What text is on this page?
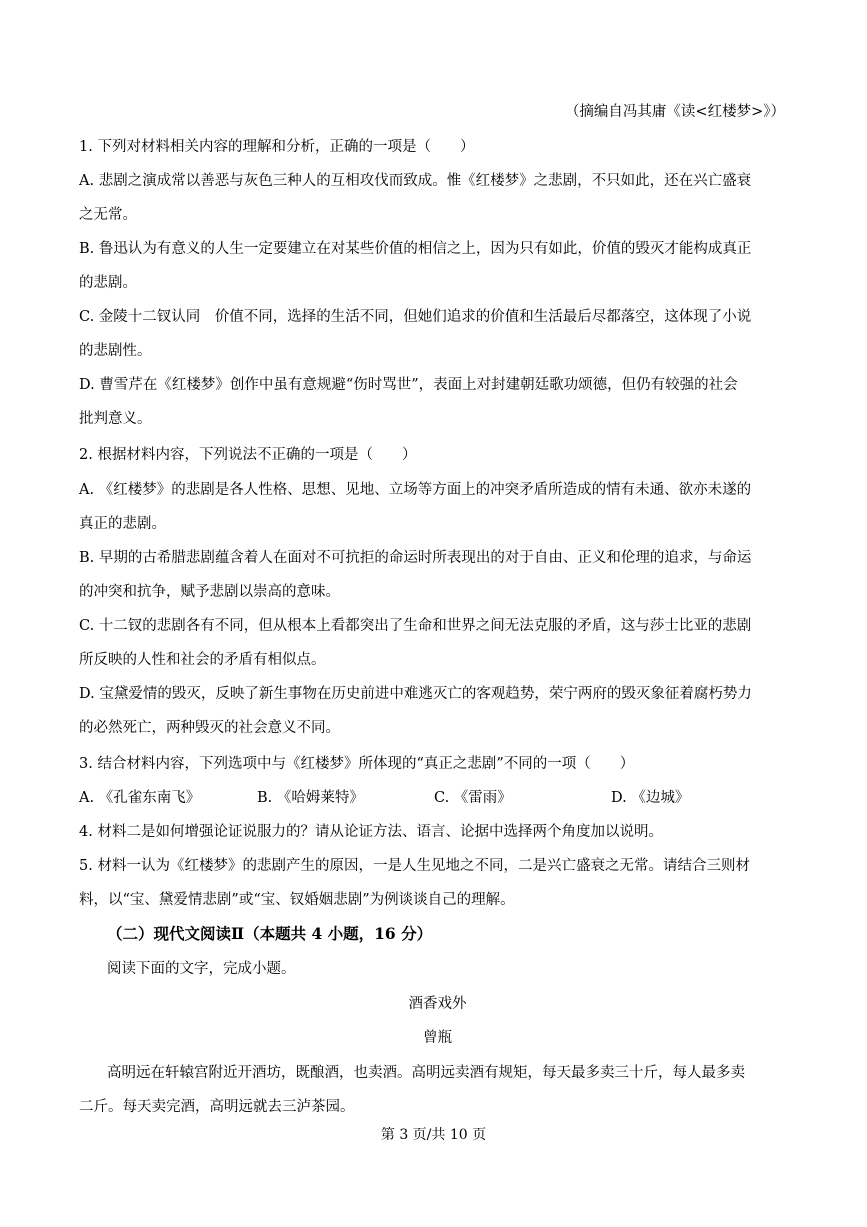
（摘编自冯其庸《读<红楼梦>》）
1. 下列对材料相关内容的理解和分析，正确的一项是（　　）
A. 悲剧之演成常以善恶与灰色三种人的互相攻伐而致成。惟《红楼梦》之悲剧，不只如此，还在兴亡盛衰
之无常。
B. 鲁迅认为有意义的人生一定要建立在对某些价值的相信之上，因为只有如此，价值的毁灭才能构成真正
的悲剧。
C. 金陵十二钗认同　价值不同，选择的生活不同，但她们追求的价值和生活最后尽都落空，这体现了小说
的悲剧性。
D. 曹雪芹在《红楼梦》创作中虽有意规避“伤时骂世”，表面上对封建朝廷歌功颂德，但仍有较强的社会
批判意义。
2. 根据材料内容，下列说法不正确的一项是（　　）
A. 《红楼梦》的悲剧是各人性格、思想、见地、立场等方面上的冲突矛盾所造成的情有未通、欲亦未遂的
真正的悲剧。
B. 早期的古希腊悲剧蕴含着人在面对不可抗拒的命运时所表现出的对于自由、正义和伦理的追求，与命运
的冲突和抗争，赋予悲剧以崇高的意味。
C. 十二钗的悲剧各有不同，但从根本上看都突出了生命和世界之间无法克服的矛盾，这与莎士比亚的悲剧
所反映的人性和社会的矛盾有相似点。
D. 宝黛爱情的毁灭，反映了新生事物在历史前进中难逃灭亡的客观趋势，荣宁两府的毁灭象征着腐朽势力
的必然死亡，两种毁灭的社会意义不同。
3. 结合材料内容，下列选项中与《红楼梦》所体现的“真正之悲剧”不同的一项（　　）
A. 《孔雀东南飞》	B. 《哈姆莱特》	C. 《雷雨》	D. 《边城》
4. 材料二是如何增强论证说服力的？请从论证方法、语言、论据中选择两个角度加以说明。
5. 材料一认为《红楼梦》的悲剧产生的原因，一是人生见地之不同，二是兴亡盛衰之无常。请结合三则材
料，以“宝、黛爱情悲剧”或“宝、钗婚姻悲剧”为例谈谈自己的理解。
（二）现代文阅读Ⅱ（本题共 4 小题，16 分）
阅读下面的文字，完成小题。
酒香戏外
曾瓶
高明远在轩辕宫附近开酒坊，既酿酒，也卖酒。高明远卖酒有规矩，每天最多卖三十斤，每人最多卖
二斤。每天卖完酒，高明远就去三泸茶园。
第 3 页/共 10 页
